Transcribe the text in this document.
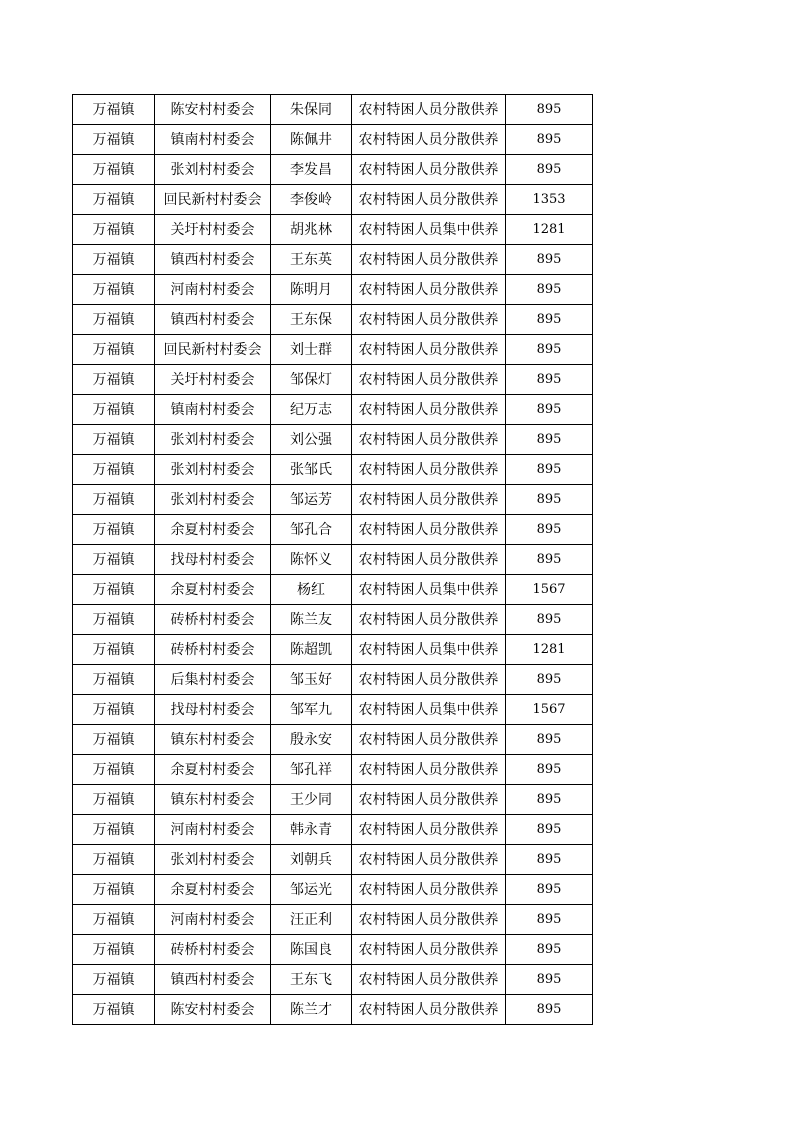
万福镇	陈安村村委会	朱保同	农村特困人员分散供养	895
万福镇	镇南村村委会	陈佩井	农村特困人员分散供养	895
万福镇	张刘村村委会	李发昌	农村特困人员分散供养	895
万福镇	回民新村村委会	李俊岭	农村特困人员分散供养	1353
万福镇	关圩村村委会	胡兆林	农村特困人员集中供养	1281
万福镇	镇西村村委会	王东英	农村特困人员分散供养	895
万福镇	河南村村委会	陈明月	农村特困人员分散供养	895
万福镇	镇西村村委会	王东保	农村特困人员分散供养	895
万福镇	回民新村村委会	刘士群	农村特困人员分散供养	895
万福镇	关圩村村委会	邹保灯	农村特困人员分散供养	895
万福镇	镇南村村委会	纪万志	农村特困人员分散供养	895
万福镇	张刘村村委会	刘公强	农村特困人员分散供养	895
万福镇	张刘村村委会	张邹氏	农村特困人员分散供养	895
万福镇	张刘村村委会	邹运芳	农村特困人员分散供养	895
万福镇	余夏村村委会	邹孔合	农村特困人员分散供养	895
万福镇	找母村村委会	陈怀义	农村特困人员分散供养	895
万福镇	余夏村村委会	杨红	农村特困人员集中供养	1567
万福镇	砖桥村村委会	陈兰友	农村特困人员分散供养	895
万福镇	砖桥村村委会	陈超凯	农村特困人员集中供养	1281
万福镇	后集村村委会	邹玉好	农村特困人员分散供养	895
万福镇	找母村村委会	邹军九	农村特困人员集中供养	1567
万福镇	镇东村村委会	殷永安	农村特困人员分散供养	895
万福镇	余夏村村委会	邹孔祥	农村特困人员分散供养	895
万福镇	镇东村村委会	王少同	农村特困人员分散供养	895
万福镇	河南村村委会	韩永青	农村特困人员分散供养	895
万福镇	张刘村村委会	刘朝兵	农村特困人员分散供养	895
万福镇	余夏村村委会	邹运光	农村特困人员分散供养	895
万福镇	河南村村委会	汪正利	农村特困人员分散供养	895
万福镇	砖桥村村委会	陈国良	农村特困人员分散供养	895
万福镇	镇西村村委会	王东飞	农村特困人员分散供养	895
万福镇	陈安村村委会	陈兰才	农村特困人员分散供养	895
